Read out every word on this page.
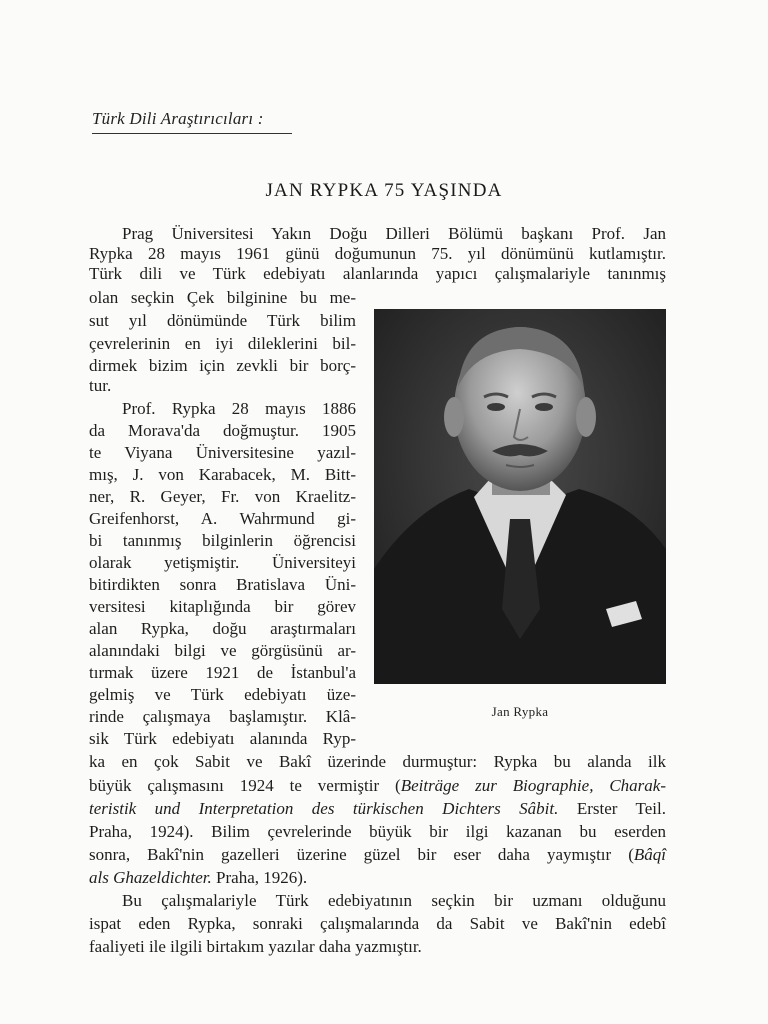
Türk Dili Araştırıcıları :
JAN RYPKA 75 YAŞINDA
Prag Üniversitesi Yakın Doğu Dilleri Bölümü başkanı Prof. Jan
Rypka 28 mayıs 1961 günü doğumunun 75. yıl dönümünü kutlamıştır.
Türk dili ve Türk edebiyatı alanlarında yapıcı çalışmalariyle tanınmış
olan seçkin Çek bilginine bu me-
sut yıl dönümünde Türk bilim
çevrelerinin en iyi dileklerini bil-
dirmek bizim için zevkli bir borç-
tur.
Prof. Rypka 28 mayıs 1886
da Morava'da doğmuştur. 1905
te Viyana Üniversitesine yazıl-
mış, J. von Karabacek, M. Bitt-
ner, R. Geyer, Fr. von Kraelitz-
Greifenhorst, A. Wahrmund gi-
bi tanınmış bilginlerin öğrencisi
olarak yetişmiştir. Üniversiteyi
bitirdikten sonra Bratislava Üni-
versitesi kitaplığında bir görev
alan Rypka, doğu araştırmaları
alanındaki bilgi ve görgüsünü ar-
tırmak üzere 1921 de İstanbul'a
gelmiş ve Türk edebiyatı üze-
rinde çalışmaya başlamıştır. Klâ-
sik Türk edebiyatı alanında Ryp-
ka en çok Sabit ve Bakî üzerinde durmuştur: Rypka bu alanda ilk
büyük çalışmasını 1924 te vermiştir (Beiträge zur Biographie, Charak-
teristik und Interpretation des türkischen Dichters Sâbit. Erster Teil.
Praha, 1924). Bilim çevrelerinde büyük bir ilgi kazanan bu eserden
sonra, Bakî'nin gazelleri üzerine güzel bir eser daha yaymıştır (Bâqî
als Ghazeldichter. Praha, 1926).
Bu çalışmalariyle Türk edebiyatının seçkin bir uzmanı olduğunu
ispat eden Rypka, sonraki çalışmalarında da Sabit ve Bakî'nin edebî
faaliyeti ile ilgili birtakım yazılar daha yazmıştır.
Jan Rypka
